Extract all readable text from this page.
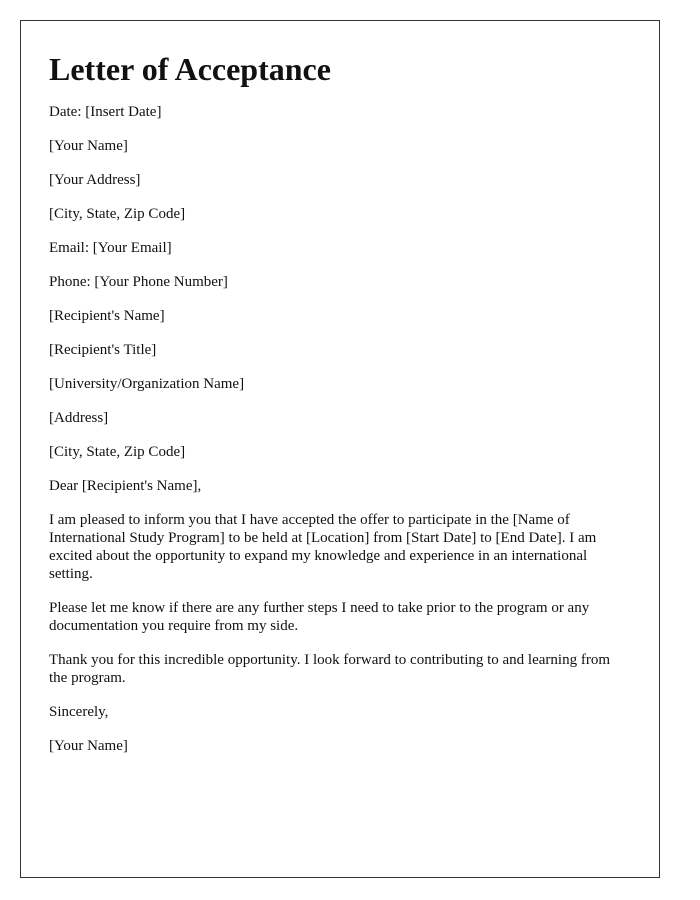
Letter of Acceptance
Date: [Insert Date]
[Your Name]
[Your Address]
[City, State, Zip Code]
Email: [Your Email]
Phone: [Your Phone Number]
[Recipient's Name]
[Recipient's Title]
[University/Organization Name]
[Address]
[City, State, Zip Code]
Dear [Recipient's Name],

I am pleased to inform you that I have accepted the offer to participate in the [Name of International Study Program] to be held at [Location] from [Start Date] to [End Date]. I am excited about the opportunity to expand my knowledge and experience in an international setting.

Please let me know if there are any further steps I need to take prior to the program or any documentation you require from my side.

Thank you for this incredible opportunity. I look forward to contributing to and learning from the program.

Sincerely,
[Your Name]
